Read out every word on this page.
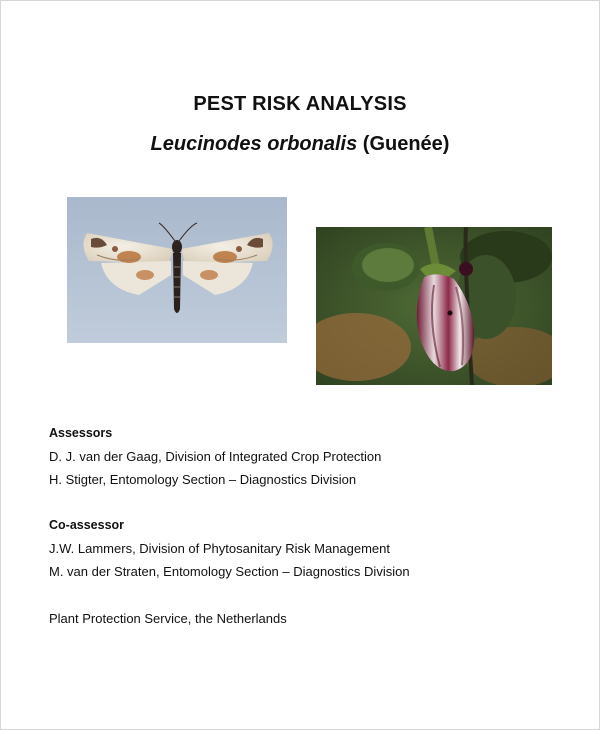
PEST RISK ANALYSIS
Leucinodes orbonalis (Guenée)
Assessors
D. J. van der Gaag, Division of Integrated Crop Protection
H. Stigter, Entomology Section – Diagnostics Division
Co-assessor
J.W. Lammers, Division of Phytosanitary Risk Management
M. van der Straten, Entomology Section – Diagnostics Division
Plant Protection Service, the Netherlands
